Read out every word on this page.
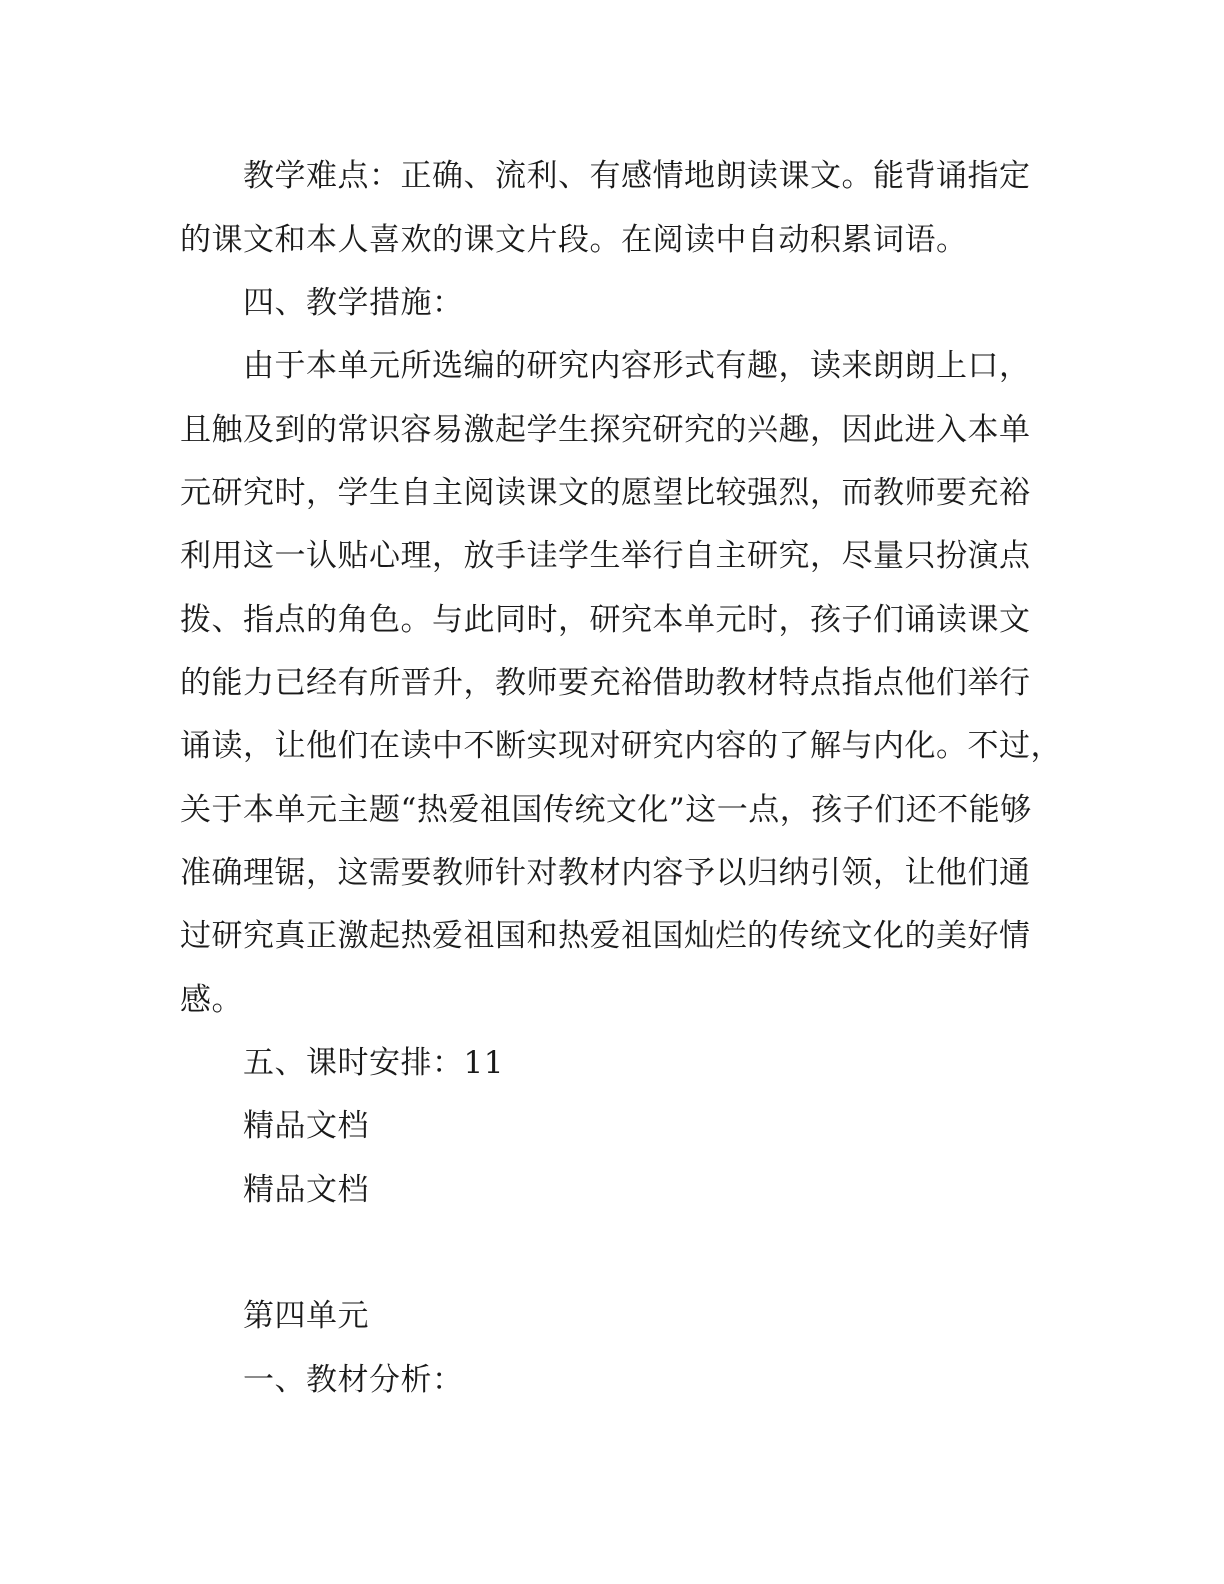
教学难点：正确、流利、有感情地朗读课文。能背诵指定
的课文和本人喜欢的课文片段。在阅读中自动积累词语。
四、教学措施：
由于本单元所选编的研究内容形式有趣，读来朗朗上口，
且触及到的常识容易激起学生探究研究的兴趣，因此进入本单
元研究时，学生自主阅读课文的愿望比较强烈，而教师要充裕
利用这一认贴心理，放手诖学生举行自主研究，尽量只扮演点
拨、指点的角色。与此同时，研究本单元时，孩子们诵读课文
的能力已经有所晋升，教师要充裕借助教材特点指点他们举行
诵读，让他们在读中不断实现对研究内容的了解与内化。不过，
关于本单元主题“热爱祖国传统文化”这一点，孩子们还不能够
准确理锯，这需要教师针对教材内容予以归纳引领，让他们通
过研究真正激起热爱祖国和热爱祖国灿烂的传统文化的美好情
感。
五、课时安排：11
精品文档
精品文档
第四单元
一、教材分析：
